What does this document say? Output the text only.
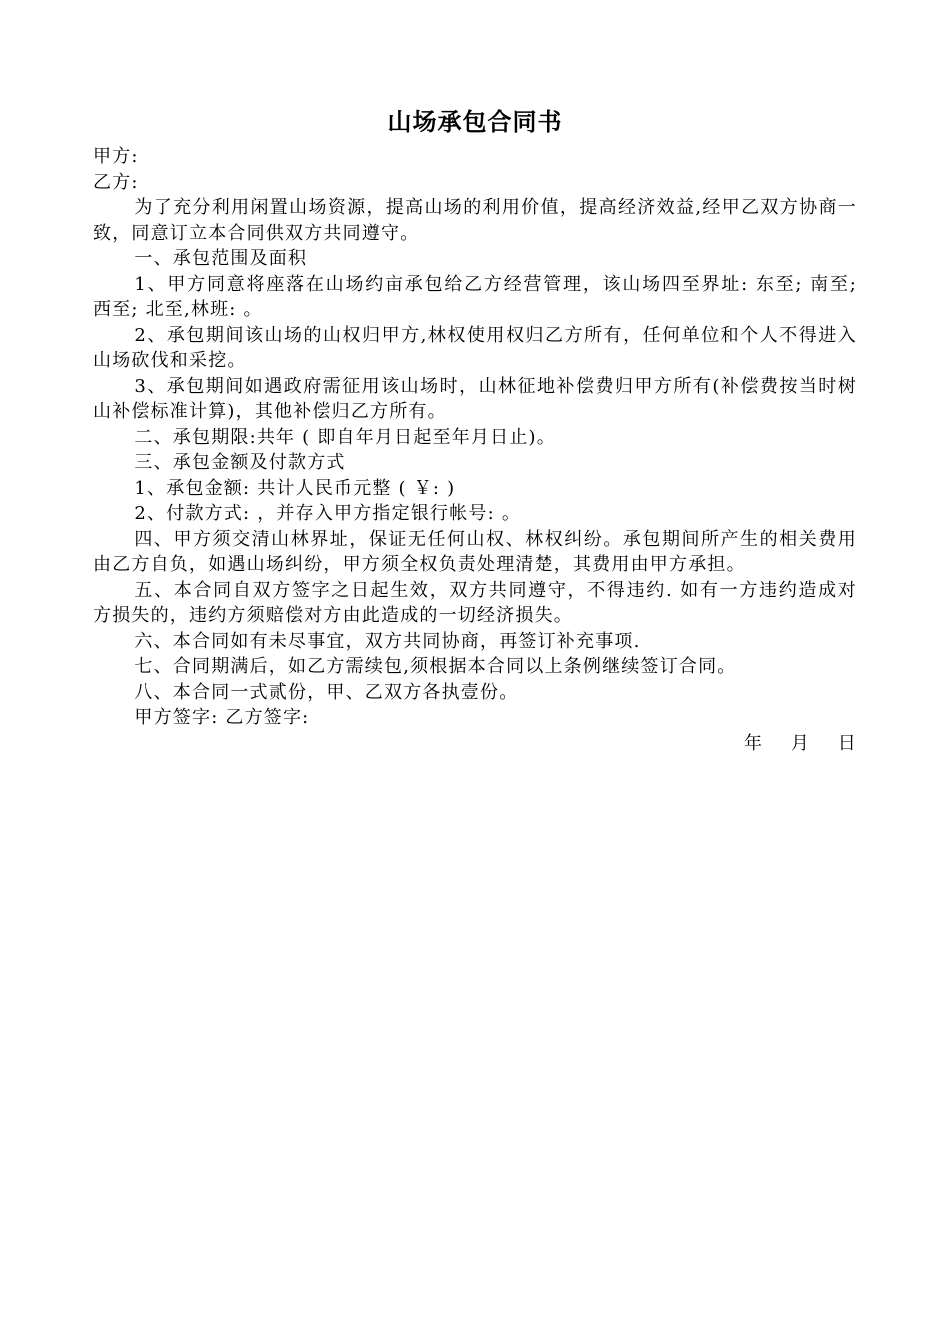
山场承包合同书

甲方:

乙方:

为了充分利用闲置山场资源，提高山场的利用价值，提高经济效益,经甲乙双方协商一致，同意订立本合同供双方共同遵守。

一、承包范围及面积

1、甲方同意将座落在山场约亩承包给乙方经营管理，该山场四至界址: 东至; 南至; 西至; 北至,林班: 。

2、承包期间该山场的山权归甲方,林权使用权归乙方所有，任何单位和个人不得进入山场砍伐和采挖。

3、承包期间如遇政府需征用该山场时，山林征地补偿费归甲方所有(补偿费按当时树山补偿标准计算)，其他补偿归乙方所有。

二、承包期限:共年 ( 即自年月日起至年月日止)。

三、承包金额及付款方式

1、承包金额: 共计人民币元整 ( ￥: )

2、付款方式: ，并存入甲方指定银行帐号: 。

四、甲方须交清山林界址，保证无任何山权、林权纠纷。承包期间所产生的相关费用由乙方自负，如遇山场纠纷，甲方须全权负责处理清楚，其费用由甲方承担。

五、本合同自双方签字之日起生效，双方共同遵守，不得违约. 如有一方违约造成对方损失的，违约方须赔偿对方由此造成的一切经济损失。

六、本合同如有未尽事宜，双方共同协商，再签订补充事项.

七、合同期满后，如乙方需续包,须根据本合同以上条例继续签订合同。

八、本合同一式贰份，甲、乙双方各执壹份。

甲方签字: 乙方签字:

年    月    日
